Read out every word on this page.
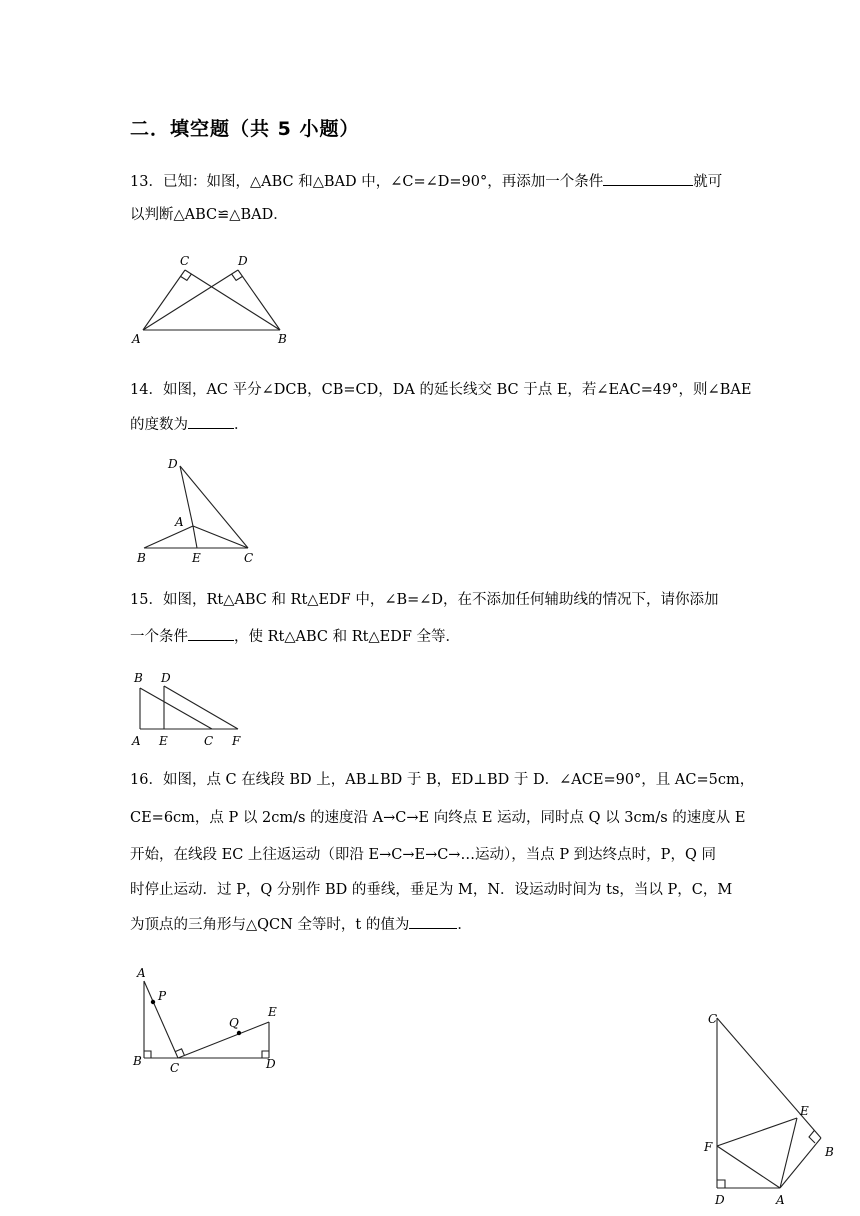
二．填空题（共 5 小题）
13．已知：如图，△ABC 和△BAD 中，∠C=∠D=90°，再添加一个条件	就可
以判断△ABC≌△BAD．
C	D
A	B
14．如图，AC 平分∠DCB，CB=CD，DA 的延长线交 BC 于点 E，若∠EAC=49°，则∠BAE
的度数为	．
D
A
B	E	C
15．如图，Rt△ABC 和 Rt△EDF 中，∠B=∠D，在不添加任何辅助线的情况下，请你添加
一个条件	，使 Rt△ABC 和 Rt△EDF 全等．
B D
A E	C F
16．如图，点 C 在线段 BD 上，AB⊥BD 于 B，ED⊥BD 于 D．∠ACE=90°，且 AC=5cm，
CE=6cm，点 P 以 2cm/s 的速度沿 A→C→E 向终点 E 运动，同时点 Q 以 3cm/s 的速度从 E
开始，在线段 EC 上往返运动（即沿 E→C→E→C→…运动），当点 P 到达终点时，P，Q 同
时停止运动．过 P，Q 分别作 BD 的垂线，垂足为 M，N．设运动时间为 ts，当以 P，C，M
为顶点的三角形与△QCN 全等时，t 的值为	．
A
P
Q
E
B C	D
C
E
F	B
D	A
